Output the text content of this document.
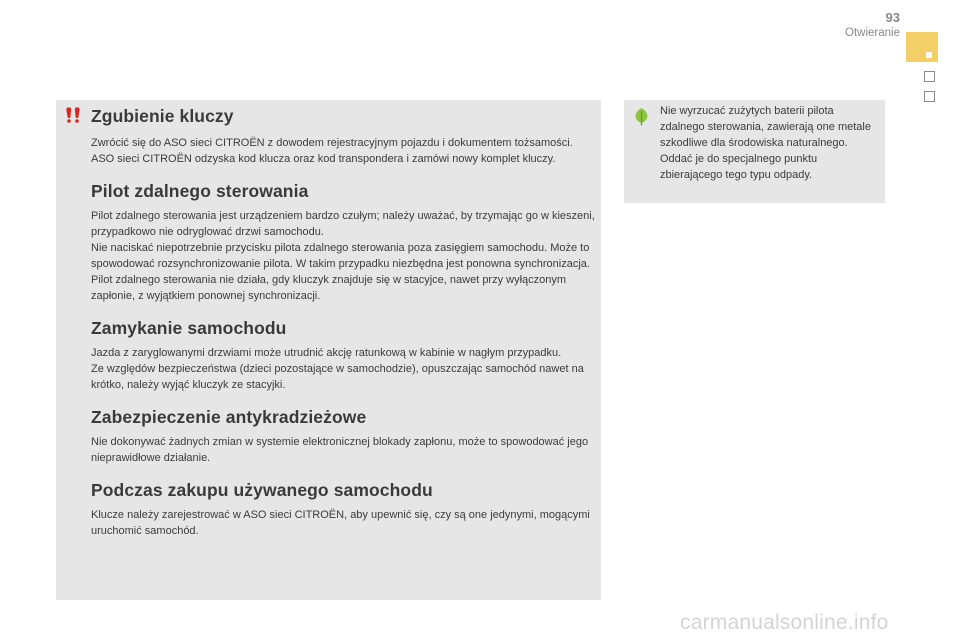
93
Otwieranie
Zgubienie kluczy

Zwrócić się do ASO sieci CITROËN z dowodem rejestracyjnym pojazdu i dokumentem tożsamości.
ASO sieci CITROËN odzyska kod klucza oraz kod transpondera i zamówi nowy komplet kluczy.

Pilot zdalnego sterowania

Pilot zdalnego sterowania jest urządzeniem bardzo czułym; należy uważać, by trzymając go w kieszeni, przypadkowo nie odryglować drzwi samochodu.
Nie naciskać niepotrzebnie przycisku pilota zdalnego sterowania poza zasięgiem samochodu. Może to spowodować rozsynchronizowanie pilota. W takim przypadku niezbędna jest ponowna synchronizacja.
Pilot zdalnego sterowania nie działa, gdy kluczyk znajduje się w stacyjce, nawet przy wyłączonym zapłonie, z wyjątkiem ponownej synchronizacji.

Zamykanie samochodu

Jazda z zaryglowanymi drzwiami może utrudnić akcję ratunkową w kabinie w nagłym przypadku.
Ze względów bezpieczeństwa (dzieci pozostające w samochodzie), opuszczając samochód nawet na krótko, należy wyjąć kluczyk ze stacyjki.

Zabezpieczenie antykradzieżowe

Nie dokonywać żadnych zmian w systemie elektronicznej blokady zapłonu, może to spowodować jego nieprawidłowe działanie.

Podczas zakupu używanego samochodu

Klucze należy zarejestrować w ASO sieci CITROËN, aby upewnić się, czy są one jedynymi, mogącymi uruchomić samochód.

Nie wyrzucać zużytych baterii pilota zdalnego sterowania, zawierają one metale szkodliwe dla środowiska naturalnego.
Oddać je do specjalnego punktu zbierającego tego typu odpady.

carmanualsonline.info
